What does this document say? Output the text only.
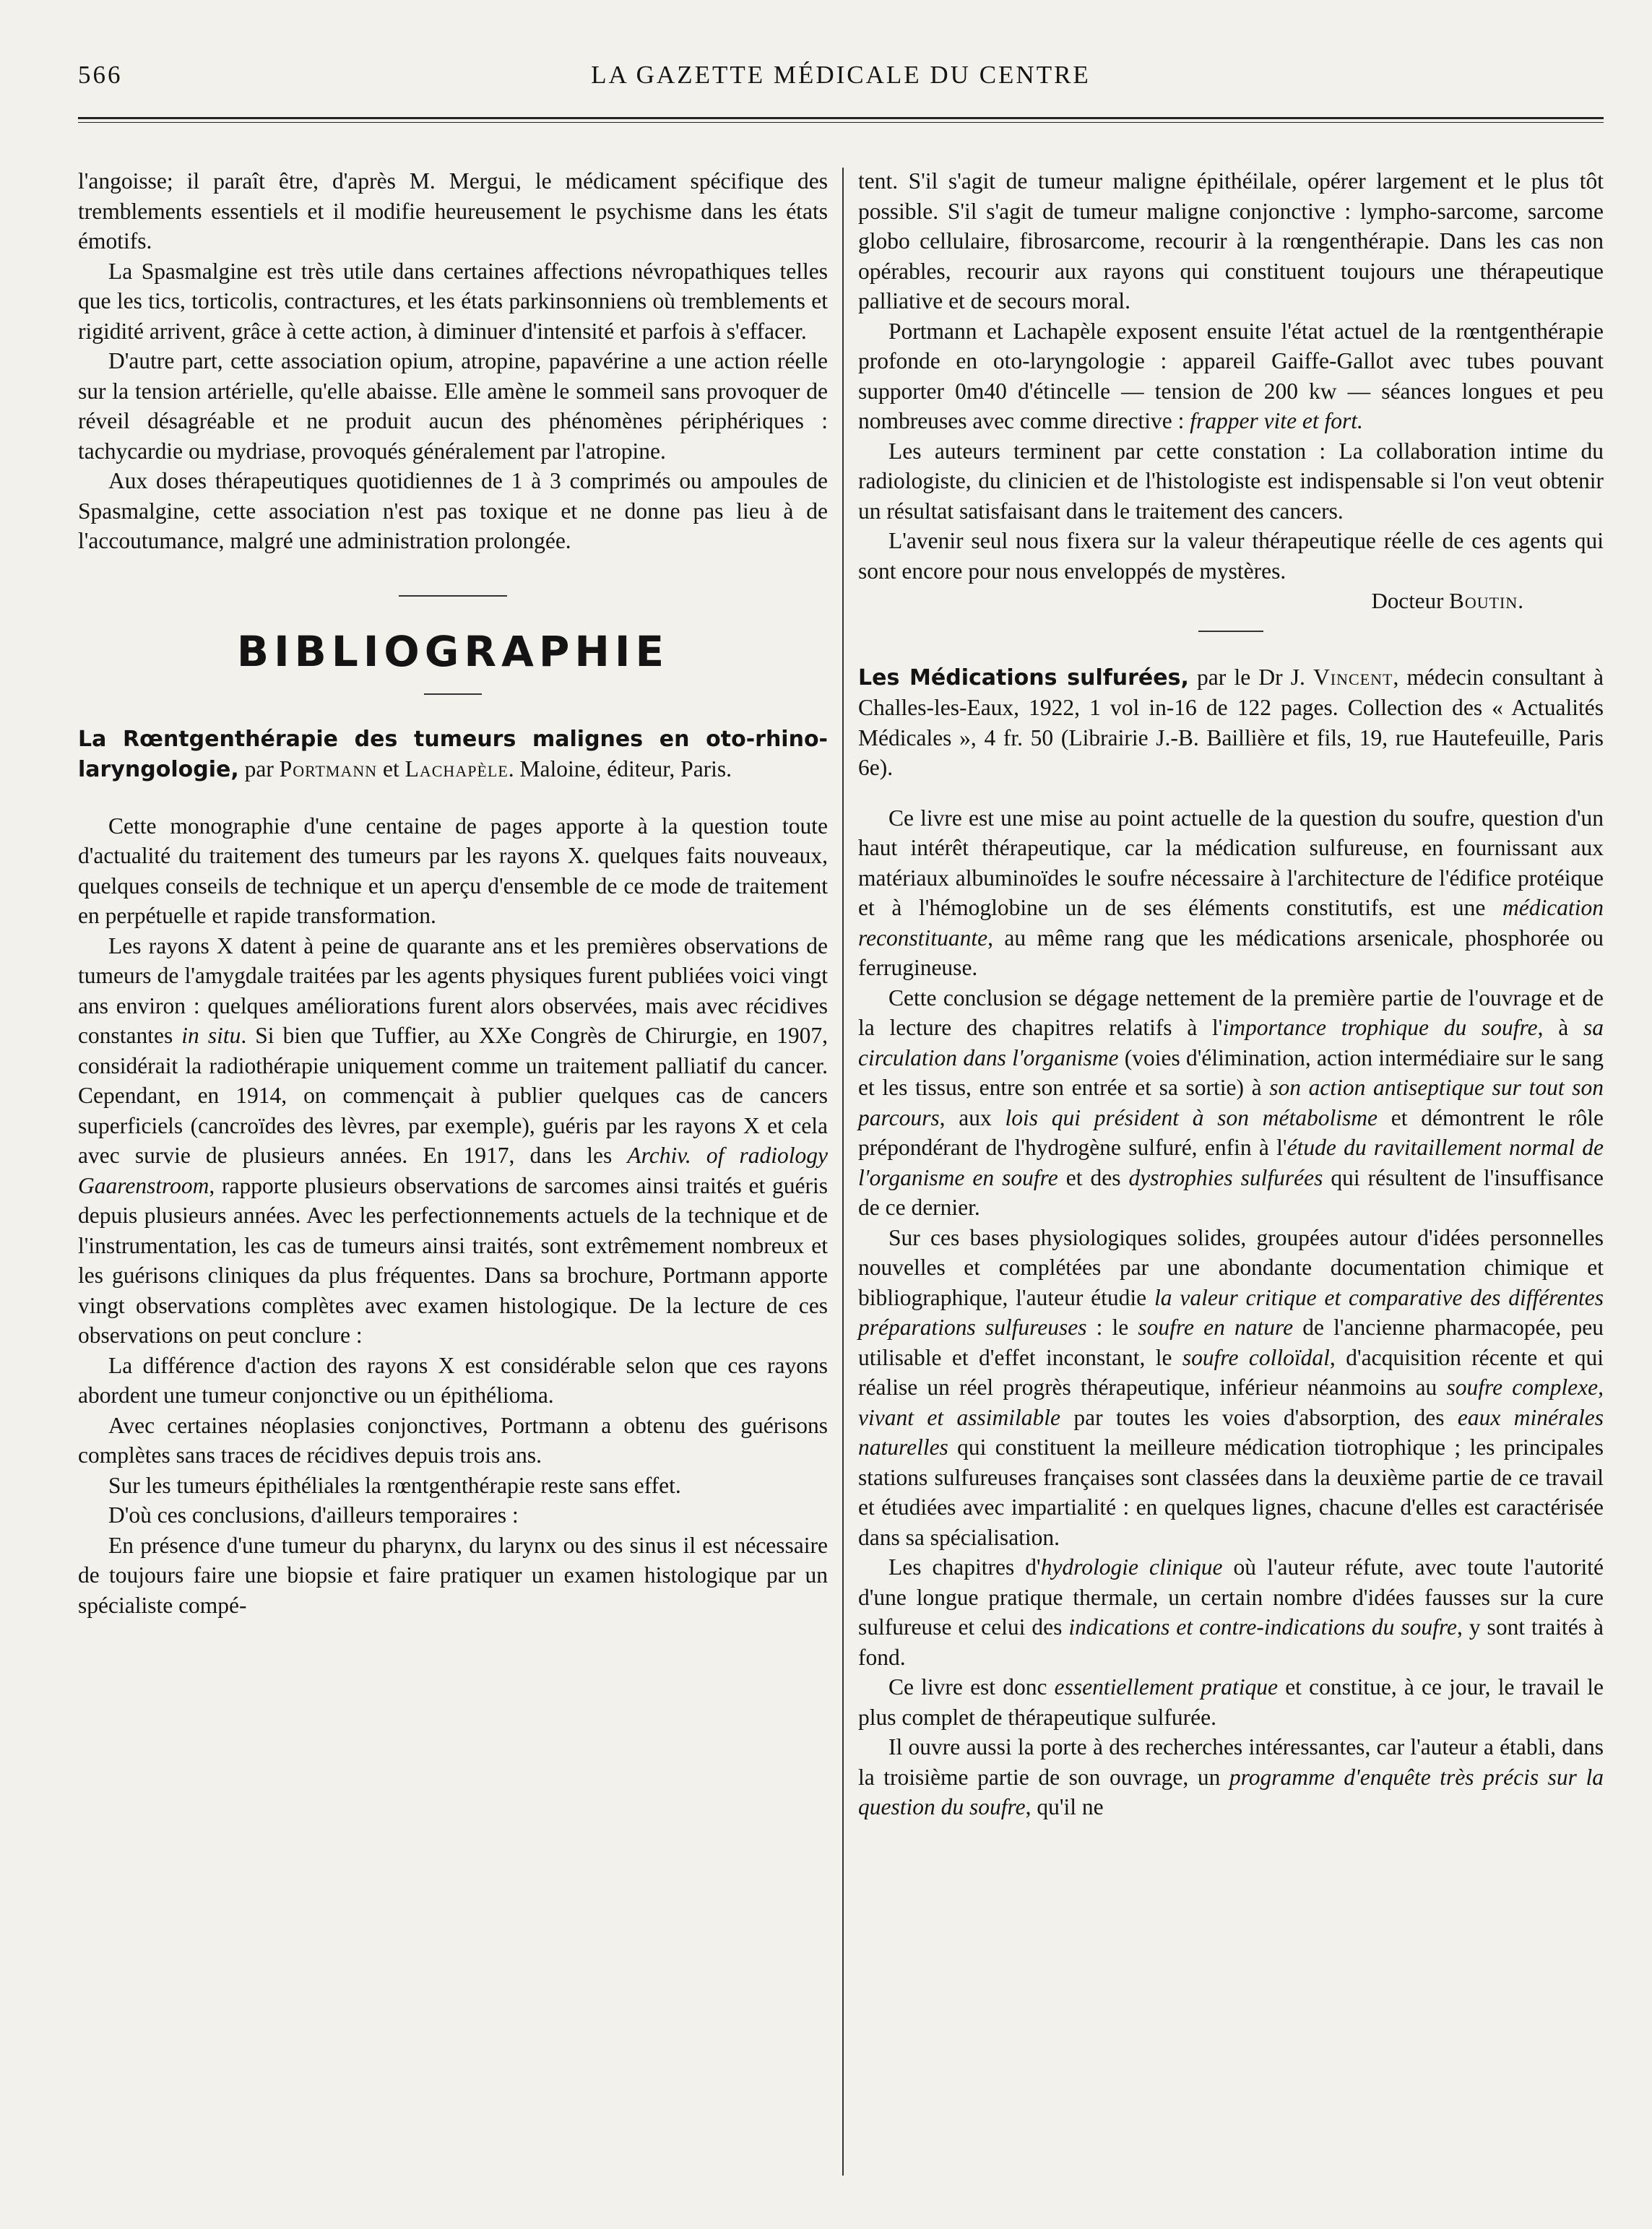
566	LA GAZETTE MÉDICALE DU CENTRE

l'angoisse; il paraît être, d'après M. Mergui, le médicament spécifique des tremblements essentiels et il modifie heureusement le psychisme dans les états émotifs.

La Spasmalgine est très utile dans certaines affections névropathiques telles que les tics, torticolis, contractures, et les états parkinsonniens où tremblements et rigidité arrivent, grâce à cette action, à diminuer d'intensité et parfois à s'effacer.

D'autre part, cette association opium, atropine, papavérine a une action réelle sur la tension artérielle, qu'elle abaisse. Elle amène le sommeil sans provoquer de réveil désagréable et ne produit aucun des phénomènes périphériques : tachycardie ou mydriase, provoqués généralement par l'atropine.

Aux doses thérapeutiques quotidiennes de 1 à 3 comprimés ou ampoules de Spasmalgine, cette association n'est pas toxique et ne donne pas lieu à de l'accoutumance, malgré une administration prolongée.

BIBLIOGRAPHIE

La Rœntgenthérapie des tumeurs malignes en oto-rhino-laryngologie, par Portmann et Lachapèle. Maloine, éditeur, Paris.

Cette monographie d'une centaine de pages apporte à la question toute d'actualité du traitement des tumeurs par les rayons X. quelques faits nouveaux, quelques conseils de technique et un aperçu d'ensemble de ce mode de traitement en perpétuelle et rapide transformation.

Les rayons X datent à peine de quarante ans et les premières observations de tumeurs de l'amygdale traitées par les agents physiques furent publiées voici vingt ans environ : quelques améliorations furent alors observées, mais avec récidives constantes in situ. Si bien que Tuffier, au XXe Congrès de Chirurgie, en 1907, considérait la radiothérapie uniquement comme un traitement palliatif du cancer. Cependant, en 1914, on commençait à publier quelques cas de cancers superficiels (cancroïdes des lèvres, par exemple), guéris par les rayons X et cela avec survie de plusieurs années. En 1917, dans les Archiv. of radiology Gaarenstroom, rapporte plusieurs observations de sarcomes ainsi traités et guéris depuis plusieurs années. Avec les perfectionnements actuels de la technique et de l'instrumentation, les cas de tumeurs ainsi traités, sont extrêmement nombreux et les guérisons cliniques da plus fréquentes. Dans sa brochure, Portmann apporte vingt observations complètes avec examen histologique. De la lecture de ces observations on peut conclure :

La différence d'action des rayons X est considérable selon que ces rayons abordent une tumeur conjonctive ou un épithélioma.

Avec certaines néoplasies conjonctives, Portmann a obtenu des guérisons complètes sans traces de récidives depuis trois ans.

Sur les tumeurs épithéliales la rœntgenthérapie reste sans effet.

D'où ces conclusions, d'ailleurs temporaires :

En présence d'une tumeur du pharynx, du larynx ou des sinus il est nécessaire de toujours faire une biopsie et faire pratiquer un examen histologique par un spécialiste compé-

tent. S'il s'agit de tumeur maligne épithéilale, opérer largement et le plus tôt possible. S'il s'agit de tumeur maligne conjonctive : lympho-sarcome, sarcome globo cellulaire, fibrosarcome, recourir à la rœngenthérapie. Dans les cas non opérables, recourir aux rayons qui constituent toujours une thérapeutique palliative et de secours moral.

Portmann et Lachapèle exposent ensuite l'état actuel de la rœntgenthérapie profonde en oto-laryngologie : appareil Gaiffe-Gallot avec tubes pouvant supporter 0m40 d'étincelle — tension de 200 kw — séances longues et peu nombreuses avec comme directive : frapper vite et fort.

Les auteurs terminent par cette constation : La collaboration intime du radiologiste, du clinicien et de l'histologiste est indispensable si l'on veut obtenir un résultat satisfaisant dans le traitement des cancers.

L'avenir seul nous fixera sur la valeur thérapeutique réelle de ces agents qui sont encore pour nous enveloppés de mystères.

Docteur Boutin.

Les Médications sulfurées, par le Dr J. Vincent, médecin consultant à Challes-les-Eaux, 1922, 1 vol in-16 de 122 pages. Collection des « Actualités Médicales », 4 fr. 50 (Librairie J.-B. Baillière et fils, 19, rue Hautefeuille, Paris 6e).

Ce livre est une mise au point actuelle de la question du soufre, question d'un haut intérêt thérapeutique, car la médication sulfureuse, en fournissant aux matériaux albuminoïdes le soufre nécessaire à l'architecture de l'édifice protéique et à l'hémoglobine un de ses éléments constitutifs, est une médication reconstituante, au même rang que les médications arsenicale, phosphorée ou ferrugineuse.

Cette conclusion se dégage nettement de la première partie de l'ouvrage et de la lecture des chapitres relatifs à l'importance trophique du soufre, à sa circulation dans l'organisme (voies d'élimination, action intermédiaire sur le sang et les tissus, entre son entrée et sa sortie) à son action antiseptique sur tout son parcours, aux lois qui président à son métabolisme et démontrent le rôle prépondérant de l'hydrogène sulfuré, enfin à l'étude du ravitaillement normal de l'organisme en soufre et des dystrophies sulfurées qui résultent de l'insuffisance de ce dernier.

Sur ces bases physiologiques solides, groupées autour d'idées personnelles nouvelles et complétées par une abondante documentation chimique et bibliographique, l'auteur étudie la valeur critique et comparative des différentes préparations sulfureuses : le soufre en nature de l'ancienne pharmacopée, peu utilisable et d'effet inconstant, le soufre colloïdal, d'acquisition récente et qui réalise un réel progrès thérapeutique, inférieur néanmoins au soufre complexe, vivant et assimilable par toutes les voies d'absorption, des eaux minérales naturelles qui constituent la meilleure médication tiotrophique ; les principales stations sulfureuses françaises sont classées dans la deuxième partie de ce travail et étudiées avec impartialité : en quelques lignes, chacune d'elles est caractérisée dans sa spécialisation.

Les chapitres d'hydrologie clinique où l'auteur réfute, avec toute l'autorité d'une longue pratique thermale, un certain nombre d'idées fausses sur la cure sulfureuse et celui des indications et contre-indications du soufre, y sont traités à fond.

Ce livre est donc essentiellement pratique et constitue, à ce jour, le travail le plus complet de thérapeutique sulfurée.

Il ouvre aussi la porte à des recherches intéressantes, car l'auteur a établi, dans la troisième partie de son ouvrage, un programme d'enquête très précis sur la question du soufre, qu'il ne
